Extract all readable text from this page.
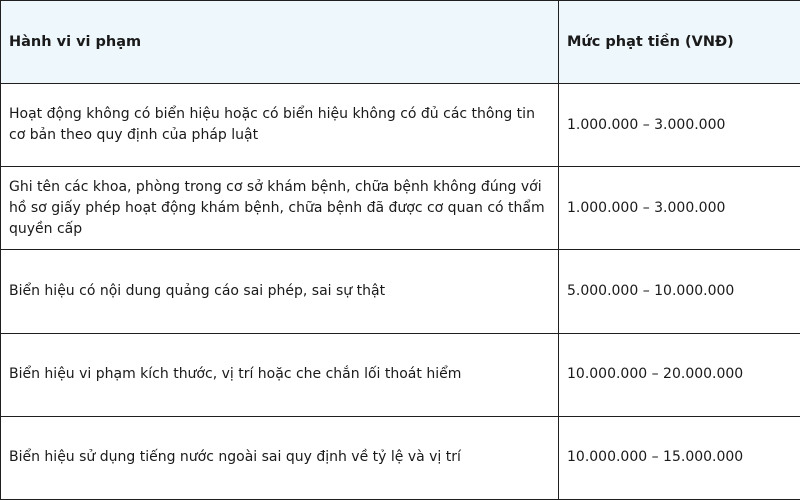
Hành vi vi phạm	Mức phạt tiền (VNĐ)
Hoạt động không có biển hiệu hoặc có biển hiệu không có đủ các thông tin cơ bản theo quy định của pháp luật	1.000.000 – 3.000.000
Ghi tên các khoa, phòng trong cơ sở khám bệnh, chữa bệnh không đúng với hồ sơ giấy phép hoạt động khám bệnh, chữa bệnh đã được cơ quan có thẩm quyền cấp	1.000.000 – 3.000.000
Biển hiệu có nội dung quảng cáo sai phép, sai sự thật	5.000.000 – 10.000.000
Biển hiệu vi phạm kích thước, vị trí hoặc che chắn lối thoát hiểm	10.000.000 – 20.000.000
Biển hiệu sử dụng tiếng nước ngoài sai quy định về tỷ lệ và vị trí	10.000.000 – 15.000.000
